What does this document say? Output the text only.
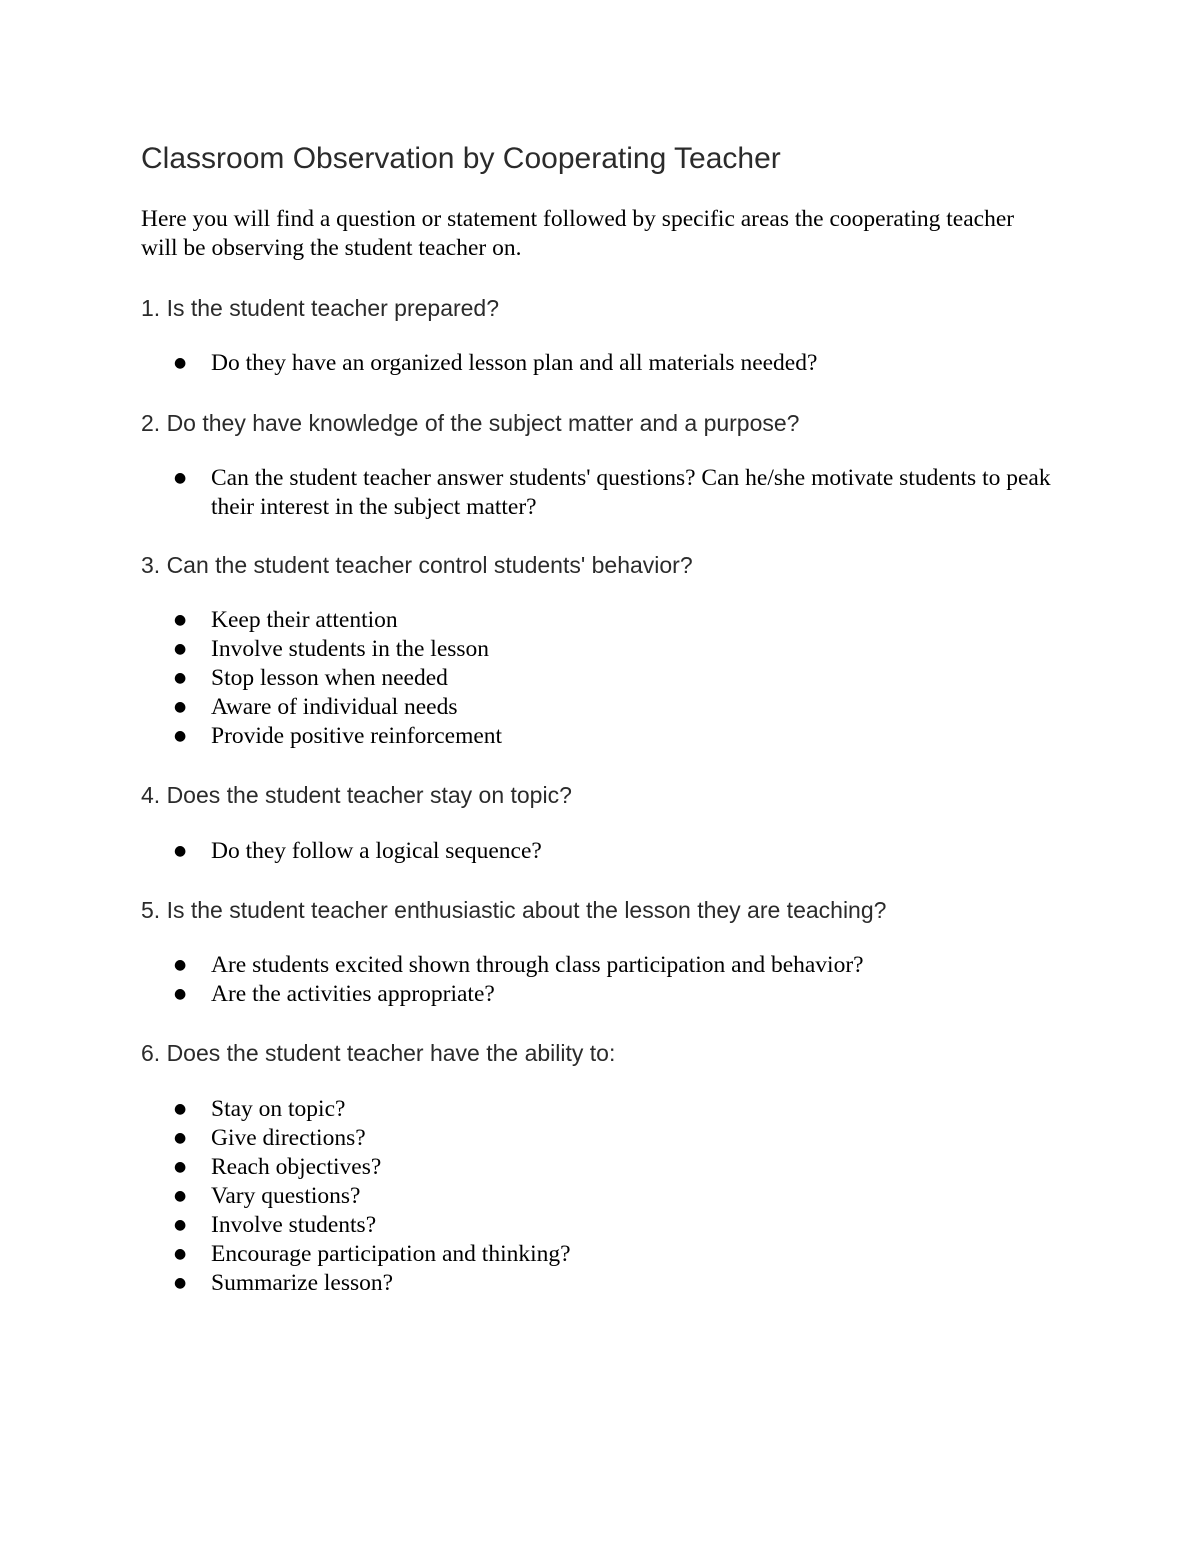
Classroom Observation by Cooperating Teacher

Here you will find a question or statement followed by specific areas the cooperating teacher will be observing the student teacher on.

1. Is the student teacher prepared?

● Do they have an organized lesson plan and all materials needed?

2. Do they have knowledge of the subject matter and a purpose?

● Can the student teacher answer students' questions? Can he/she motivate students to peak their interest in the subject matter?

3. Can the student teacher control students' behavior?

● Keep their attention
● Involve students in the lesson
● Stop lesson when needed
● Aware of individual needs
● Provide positive reinforcement

4. Does the student teacher stay on topic?

● Do they follow a logical sequence?

5. Is the student teacher enthusiastic about the lesson they are teaching?

● Are students excited shown through class participation and behavior?
● Are the activities appropriate?

6. Does the student teacher have the ability to:

● Stay on topic?
● Give directions?
● Reach objectives?
● Vary questions?
● Involve students?
● Encourage participation and thinking?
● Summarize lesson?
